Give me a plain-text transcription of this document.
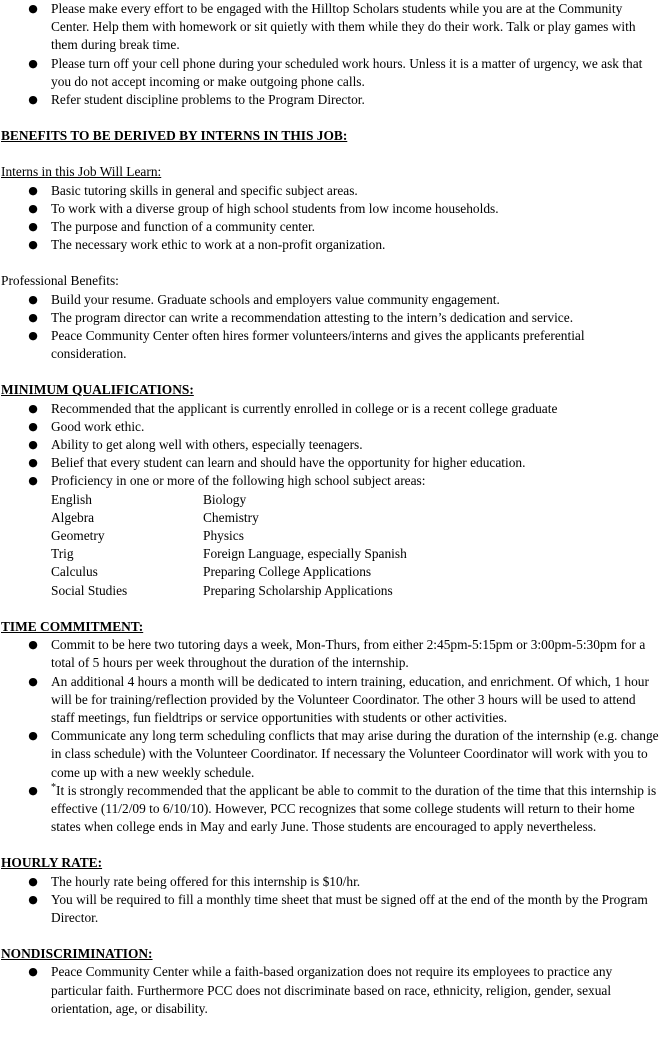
● Please make every effort to be engaged with the Hilltop Scholars students while you are at the Community Center. Help them with homework or sit quietly with them while they do their work. Talk or play games with them during break time.
● Please turn off your cell phone during your scheduled work hours. Unless it is a matter of urgency, we ask that you do not accept incoming or make outgoing phone calls.
● Refer student discipline problems to the Program Director.

BENEFITS TO BE DERIVED BY INTERNS IN THIS JOB:

Interns in this Job Will Learn:

● Basic tutoring skills in general and specific subject areas.
● To work with a diverse group of high school students from low income households.
● The purpose and function of a community center.
● The necessary work ethic to work at a non-profit organization.

Professional Benefits:

● Build your resume. Graduate schools and employers value community engagement.
● The program director can write a recommendation attesting to the intern’s dedication and service.
● Peace Community Center often hires former volunteers/interns and gives the applicants preferential consideration.

MINIMUM QUALIFICATIONS:

● Recommended that the applicant is currently enrolled in college or is a recent college graduate
● Good work ethic.
● Ability to get along well with others, especially teenagers.
● Belief that every student can learn and should have the opportunity for higher education.
● Proficiency in one or more of the following high school subject areas:
English	Biology
Algebra	Chemistry
Geometry	Physics
Trig	Foreign Language, especially Spanish
Calculus	Preparing College Applications
Social Studies	Preparing Scholarship Applications

TIME COMMITMENT:

● Commit to be here two tutoring days a week, Mon-Thurs, from either 2:45pm-5:15pm or 3:00pm-5:30pm for a total of 5 hours per week throughout the duration of the internship.
● An additional 4 hours a month will be dedicated to intern training, education, and enrichment. Of which, 1 hour will be for training/reflection provided by the Volunteer Coordinator. The other 3 hours will be used to attend staff meetings, fun fieldtrips or service opportunities with students or other activities.
● Communicate any long term scheduling conflicts that may arise during the duration of the internship (e.g. change in class schedule) with the Volunteer Coordinator. If necessary the Volunteer Coordinator will work with you to come up with a new weekly schedule.
● *It is strongly recommended that the applicant be able to commit to the duration of the time that this internship is effective (11/2/09 to 6/10/10). However, PCC recognizes that some college students will return to their home states when college ends in May and early June. Those students are encouraged to apply nevertheless.

HOURLY RATE:

● The hourly rate being offered for this internship is $10/hr.
● You will be required to fill a monthly time sheet that must be signed off at the end of the month by the Program Director.

NONDISCRIMINATION:

● Peace Community Center while a faith-based organization does not require its employees to practice any particular faith. Furthermore PCC does not discriminate based on race, ethnicity, religion, gender, sexual orientation, age, or disability.
